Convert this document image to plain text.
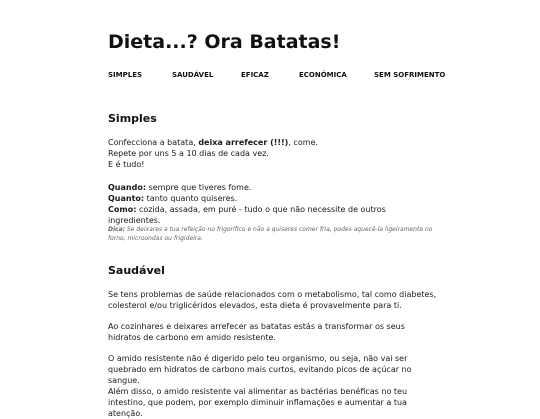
Dieta...? Ora Batatas!
SIMPLES	SAUDÁVEL	EFICAZ	ECONÓMICA	SEM SOFRIMENTO
Simples

Confecciona a batata, deixa arrefecer (!!!), come.
Repete por uns 5 a 10 dias de cada vez.
E é tudo!

Quando: sempre que tiveres fome.
Quanto: tanto quanto quiseres.
Como: cozida, assada, em puré - tudo o que não necessite de outros ingredientes.

Dica: Se deixares a tua refeição no frigorífico e não a quiseres comer fria, podes aquecê-la ligeiramente no forno, microondas ou frigideira.

Saudável

Se tens problemas de saúde relacionados com o metabolismo, tal como diabetes, colesterol e/ou triglicéridos elevados, esta dieta é provavelmente para ti.

Ao cozinhares e deixares arrefecer as batatas estás a transformar os seus hidratos de carbono em amido resistente.

O amido resistente não é digerido pelo teu organismo, ou seja, não vai ser quebrado em hidratos de carbono mais curtos, evitando picos de açúcar no sangue.

Além disso, o amido resistente vai alimentar as bactérias benéficas no teu intestino, que podem, por exemplo diminuir inflamações e aumentar a tua atenção.
